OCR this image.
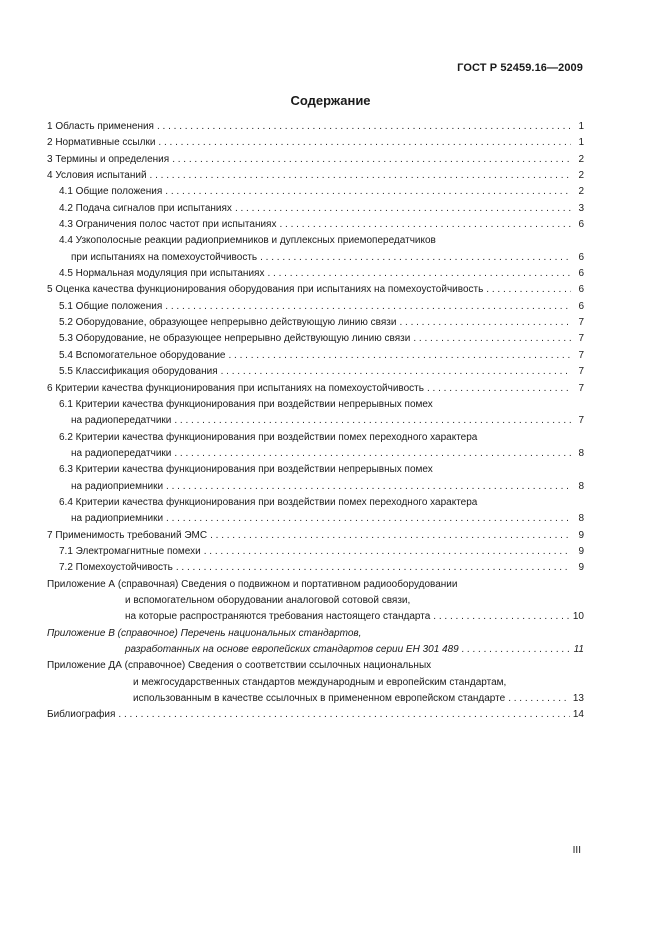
ГОСТ Р 52459.16—2009
Содержание
1 Область применения . . .	1
2 Нормативные ссылки . . .	1
3 Термины и определения . . .	2
4 Условия испытаний . . .	2
4.1 Общие положения . . .	2
4.2 Подача сигналов при испытаниях . . .	3
4.3 Ограничения полос частот при испытаниях . . .	6
4.4 Узкополосные реакции радиоприемников и дуплексных приемопередатчиков
при испытаниях на помехоустойчивость . . .	6
4.5 Нормальная модуляция при испытаниях . . .	6
5 Оценка качества функционирования оборудования при испытаниях на помехоустойчивость . . .	6
5.1 Общие положения . . .	6
5.2 Оборудование, образующее непрерывно действующую линию связи . . .	7
5.3 Оборудование, не образующее непрерывно действующую линию связи . . .	7
5.4 Вспомогательное оборудование . . .	7
5.5 Классификация оборудования . . .	7
6 Критерии качества функционирования при испытаниях на помехоустойчивость . . .	7
6.1 Критерии качества функционирования при воздействии непрерывных помех
на радиопередатчики . . .	7
6.2 Критерии качества функционирования при воздействии помех переходного характера
на радиопередатчики . . .	8
6.3 Критерии качества функционирования при воздействии непрерывных помех
на радиоприемники . . .	8
6.4 Критерии качества функционирования при воздействии помех переходного характера
на радиоприемники . . .	8
7 Применимость требований ЭМС . . .	9
7.1 Электромагнитные помехи . . .	9
7.2 Помехоустойчивость . . .	9
Приложение А (справочная) Сведения о подвижном и портативном радиооборудовании
и вспомогательном оборудовании аналоговой сотовой связи,
на которые распространяются требования настоящего стандарта . . .	10
Приложение В (справочное) Перечень национальных стандартов,
разработанных на основе европейских стандартов серии ЕН 301 489 . . .	11
Приложение ДА (справочное) Сведения о соответствии ссылочных национальных
и межгосударственных стандартов международным и европейским стандартам,
использованным в качестве ссылочных в примененном европейском стандарте . . .	13
Библиография . . .	14
III
